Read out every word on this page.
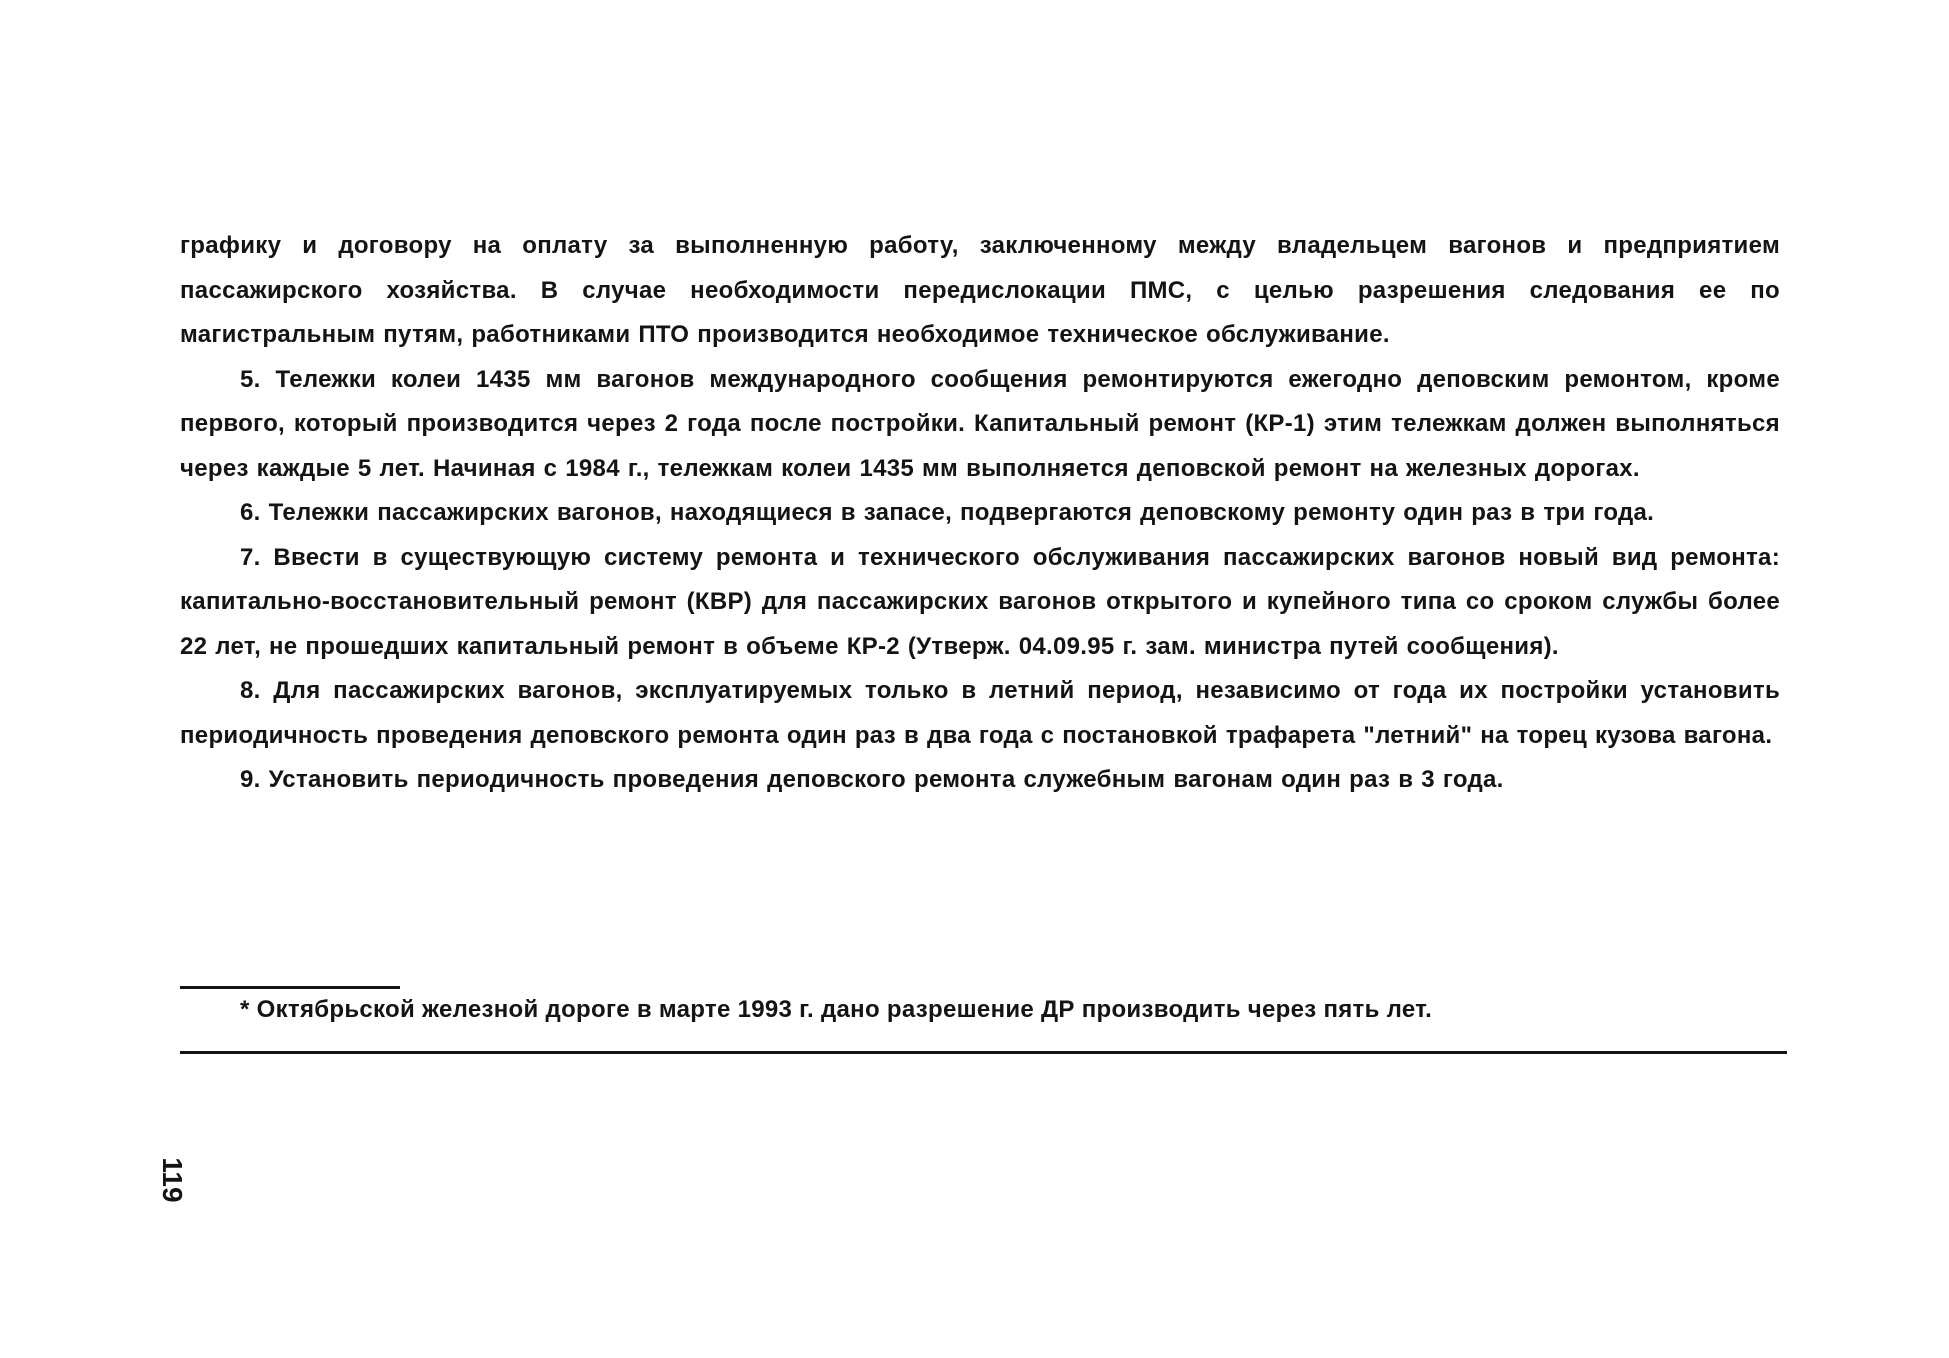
графику и договору на оплату за выполненную работу, заключенному между владельцем вагонов и предприятием пассажирского хозяйства. В случае необходимости передислокации ПМС, с целью разрешения следования ее по магистральным путям, работниками ПТО производится необходимое техническое обслуживание.

5. Тележки колеи 1435 мм вагонов международного сообщения ремонтируются ежегодно деповским ремонтом, кроме первого, который производится через 2 года после постройки. Капитальный ремонт (КР-1) этим тележкам должен выполняться через каждые 5 лет. Начиная с 1984 г., тележкам колеи 1435 мм выполняется деповской ремонт на железных дорогах.

6. Тележки пассажирских вагонов, находящиеся в запасе, подвергаются деповскому ремонту один раз в три года.

7. Ввести в существующую систему ремонта и технического обслуживания пассажирских вагонов новый вид ремонта: капитально-восстановительный ремонт (КВР) для пассажирских вагонов открытого и купейного типа со сроком службы более 22 лет, не прошедших капитальный ремонт в объеме КР-2 (Утверж. 04.09.95 г. зам. министра путей сообщения).

8. Для пассажирских вагонов, эксплуатируемых только в летний период, независимо от года их постройки установить периодичность проведения деповского ремонта один раз в два года с постановкой трафарета "летний" на торец кузова вагона.

9. Установить периодичность проведения деповского ремонта служебным вагонам один раз в 3 года.

* Октябрьской железной дороге в марте 1993 г. дано разрешение ДР производить через пять лет.

119
